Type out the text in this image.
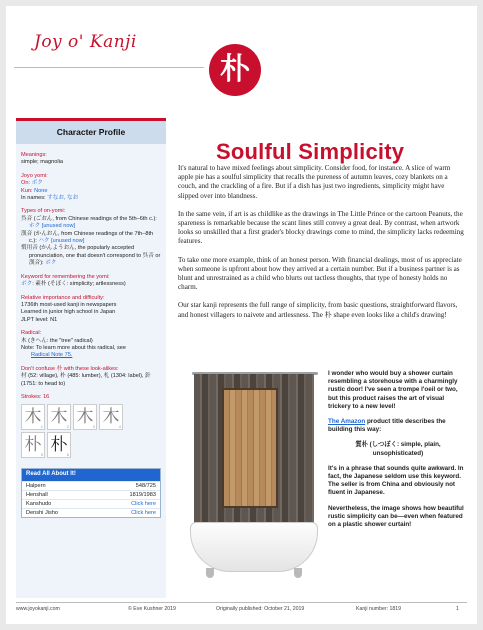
Joy o' Kanji
朴
Character Profile
Meanings:
simple; magnolia
Joyo yomi:
On: ボク
Kun: None
In names: すなお, なお
Types of on-yomi:
呉音 (ごおん, from Chinese readings of the 5th–6th c.): ホク [unused now]
漢音 (かんおん, from Chinese readings of the 7th–8th c.): ハク [unused now]
慣用音 (かんようおん, the popularly accepted pronunciation, one that doesn't correspond to 呉音 or 漢音): ボク
Keyword for remembering the yomi:
ボク: 素朴 (そぼく: simplicity; artlessness)
Relative importance and difficulty:
1736th most-used kanji in newspapers
Learned in junior high school in Japan
JLPT level: N1
Radical:
木 (きへん: the "tree" radical)
Note: To learn more about this radical, see
Radical Note 75.
Don't confuse 朴 with these look-alikes:
村 (52: village), 朴 (485: lumber), 札 (1304: label), 針 (1751: to head to)
Strokes: 16
木 1 木 2 木 3 木 4
朴 5 朴 6
Read All About It!
Halpern	548/725
Henshall	1819/1983
Kanshudo	Click here
Denshi Jisho	Click here
Soulful Simplicity

It's natural to have mixed feelings about simplicity. Consider food, for instance. A slice of warm apple pie has a soulful simplicity that recalls the pureness of autumn leaves, cozy blankets on a couch, and the crackling of a fire. But if a dish has just two ingredients, simplicity might have slipped over into blandness.

In the same vein, if art is as childlike as the drawings in The Little Prince or the cartoon Peanuts, the spareness is remarkable because the scant lines still convey a great deal. By contrast, when artwork looks so unskilled that a first grader's blocky drawings come to mind, the simplicity lacks redeeming features.

To take one more example, think of an honest person. With financial dealings, most of us appreciate when someone is upfront about how they arrived at a certain number. But if a business partner is as blunt and unrestrained as a child who blurts out tactless thoughts, that type of honesty holds no charm.

Our star kanji represents the full range of simplicity, from basic questions, straightforward flavors, and honest villagers to naivete and artlessness. The 朴 shape even looks like a child's drawing!

I wonder who would buy a shower curtain resembling a storehouse with a charmingly rustic door! I've seen a trompe l'oeil or two, but this product raises the art of visual trickery to a new level!

The Amazon product title describes the building this way:

質朴 (しつぼく: simple, plain,
unsophisticated)

It's in a phrase that sounds quite awkward. In fact, the Japanese seldom use this keyword. The seller is from China and obviously not fluent in Japanese.

Nevertheless, the image shows how beautiful rustic simplicity can be—even when featured on a plastic shower curtain!

www.joyokanji.com	© Eve Kushner 2019	Originally published: October 21, 2019	Kanji number: 1819	1
